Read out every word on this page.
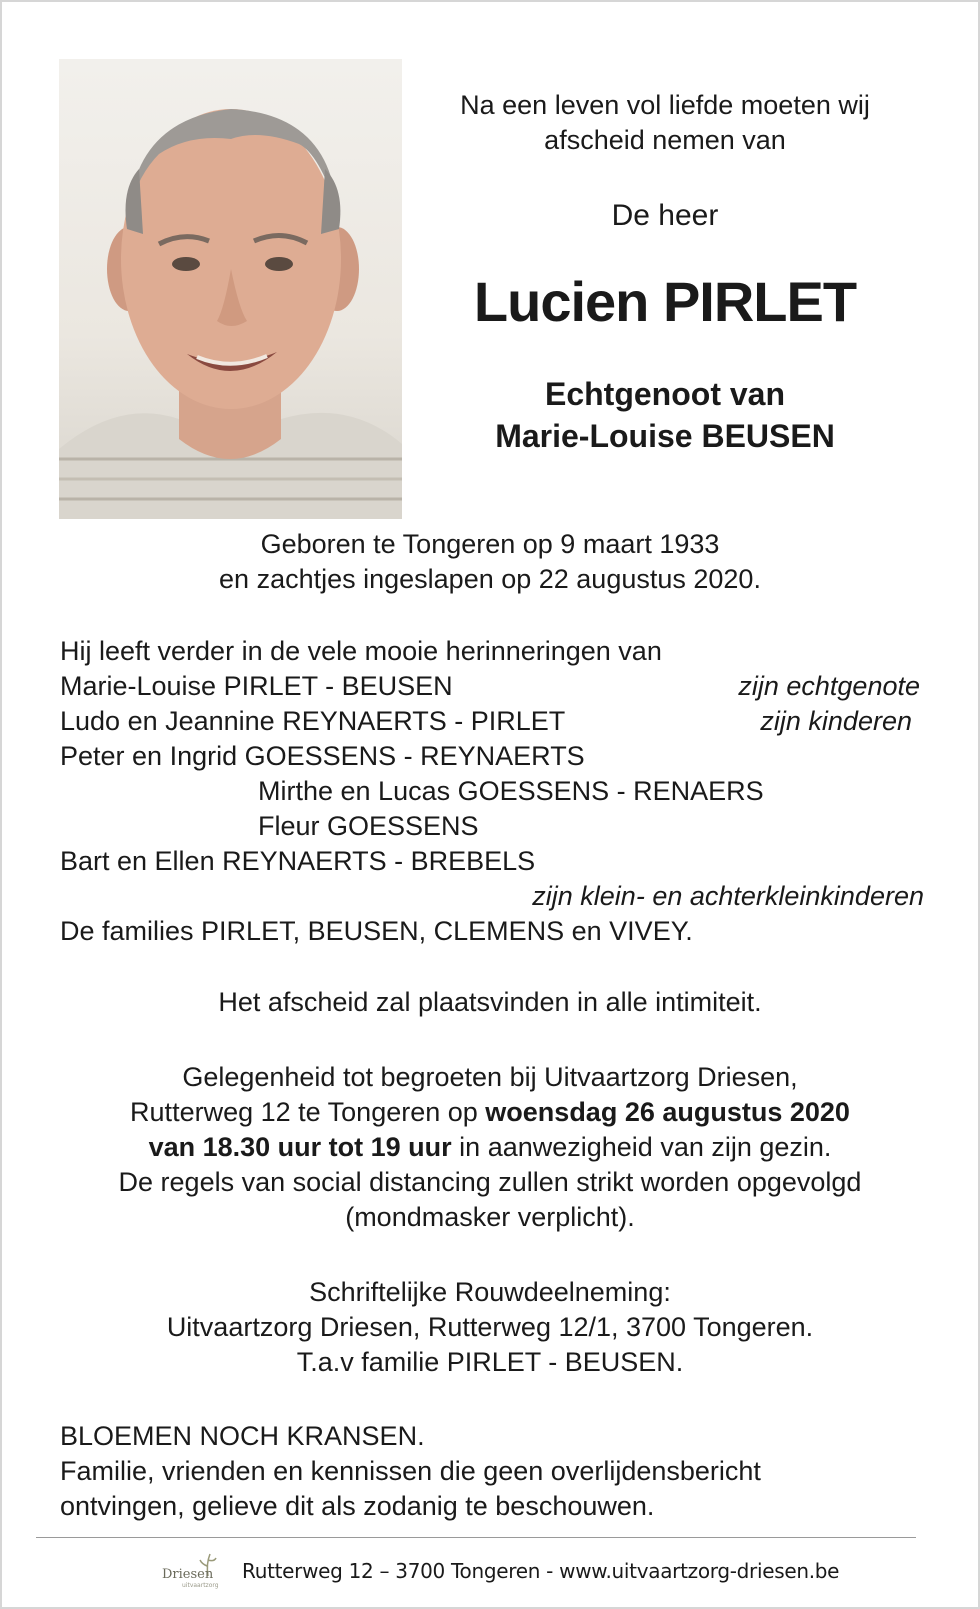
Na een leven vol liefde moeten wij
afscheid nemen van
De heer
Lucien PIRLET
Echtgenoot van
Marie-Louise BEUSEN
Geboren te Tongeren op 9 maart 1933
en zachtjes ingeslapen op 22 augustus 2020.
Hij leeft verder in de vele mooie herinneringen van
Marie-Louise PIRLET - BEUSEN	zijn echtgenote
Ludo en Jeannine REYNAERTS - PIRLET	zijn kinderen
Peter en Ingrid GOESSENS - REYNAERTS
Mirthe en Lucas GOESSENS - RENAERS
Fleur GOESSENS
Bart en Ellen REYNAERTS - BREBELS
zijn klein- en achterkleinkinderen
De families PIRLET, BEUSEN, CLEMENS en VIVEY.
Het afscheid zal plaatsvinden in alle intimiteit.
Gelegenheid tot begroeten bij Uitvaartzorg Driesen,
Rutterweg 12 te Tongeren op woensdag 26 augustus 2020
van 18.30 uur tot 19 uur in aanwezigheid van zijn gezin.
De regels van social distancing zullen strikt worden opgevolgd
(mondmasker verplicht).
Schriftelijke Rouwdeelneming:
Uitvaartzorg Driesen, Rutterweg 12/1, 3700 Tongeren.
T.a.v familie PIRLET - BEUSEN.
BLOEMEN NOCH KRANSEN.
Familie, vrienden en kennissen die geen overlijdensbericht
ontvingen, gelieve dit als zodanig te beschouwen.
Driesen
uitvaartzorg
Rutterweg 12 – 3700 Tongeren - www.uitvaartzorg-driesen.be
